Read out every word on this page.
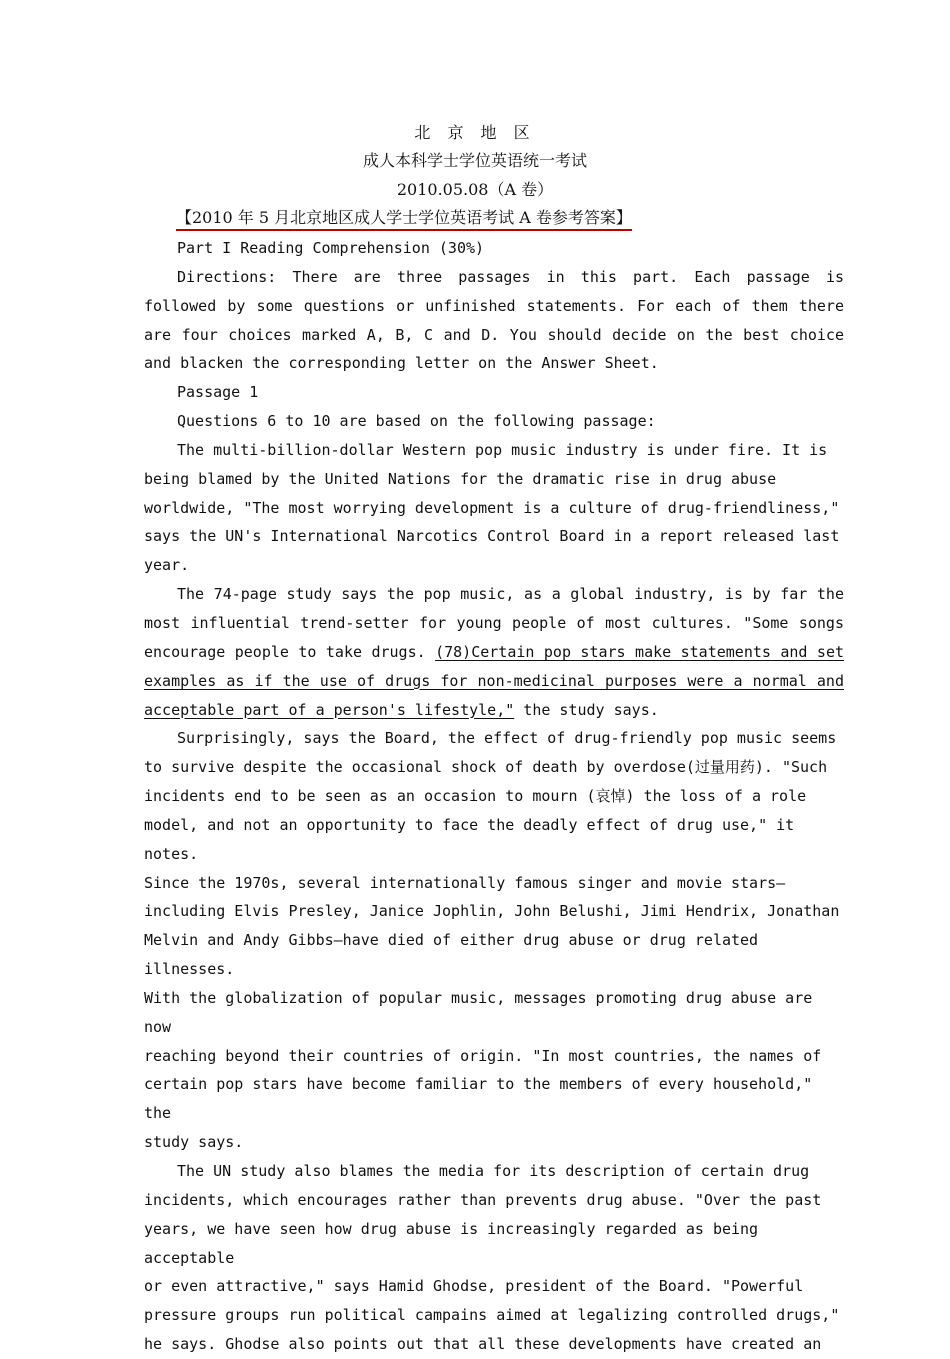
北 京 地 区
成人本科学士学位英语统一考试
2010.05.08（A 卷）
【2010 年 5 月北京地区成人学士学位英语考试 A 卷参考答案】

Part I Reading Comprehension (30%)

Directions: There are three passages in this part. Each passage is followed by some questions or unfinished statements. For each of them there are four choices marked A, B, C and D. You should decide on the best choice and blacken the corresponding letter on the Answer Sheet.

Passage 1

Questions 6 to 10 are based on the following passage:

The multi-billion-dollar Western pop music industry is under fire. It is
being blamed by the United Nations for the dramatic rise in drug abuse
worldwide, "The most worrying development is a culture of drug-friendliness,"
says the UN's International Narcotics Control Board in a report released last
year.

The 74-page study says the pop music, as a global industry, is by far the most influential trend-setter for young people of most cultures. "Some songs encourage people to take drugs. (78)Certain pop stars make statements and set examples as if the use of drugs for non-medicinal purposes were a normal and acceptable part of a person's lifestyle," the study says.

Surprisingly, says the Board, the effect of drug-friendly pop music seems
to survive despite the occasional shock of death by overdose(过量用药). "Such
incidents end to be seen as an occasion to mourn (哀悼) the loss of a role
model, and not an opportunity to face the deadly effect of drug use," it notes.
Since the 1970s, several internationally famous singer and movie stars—
including Elvis Presley, Janice Jophlin, John Belushi, Jimi Hendrix, Jonathan
Melvin and Andy Gibbs—have died of either drug abuse or drug related illnesses.
With the globalization of popular music, messages promoting drug abuse are now
reaching beyond their countries of origin. "In most countries, the names of
certain pop stars have become familiar to the members of every household," the
study says.
The UN study also blames the media for its description of certain drug
incidents, which encourages rather than prevents drug abuse. "Over the past
years, we have seen how drug abuse is increasingly regarded as being acceptable
or even attractive," says Hamid Ghodse, president of the Board. "Powerful
pressure groups run political campains aimed at legalizing controlled drugs,"
he says. Ghodse also points out that all these developments have created an
